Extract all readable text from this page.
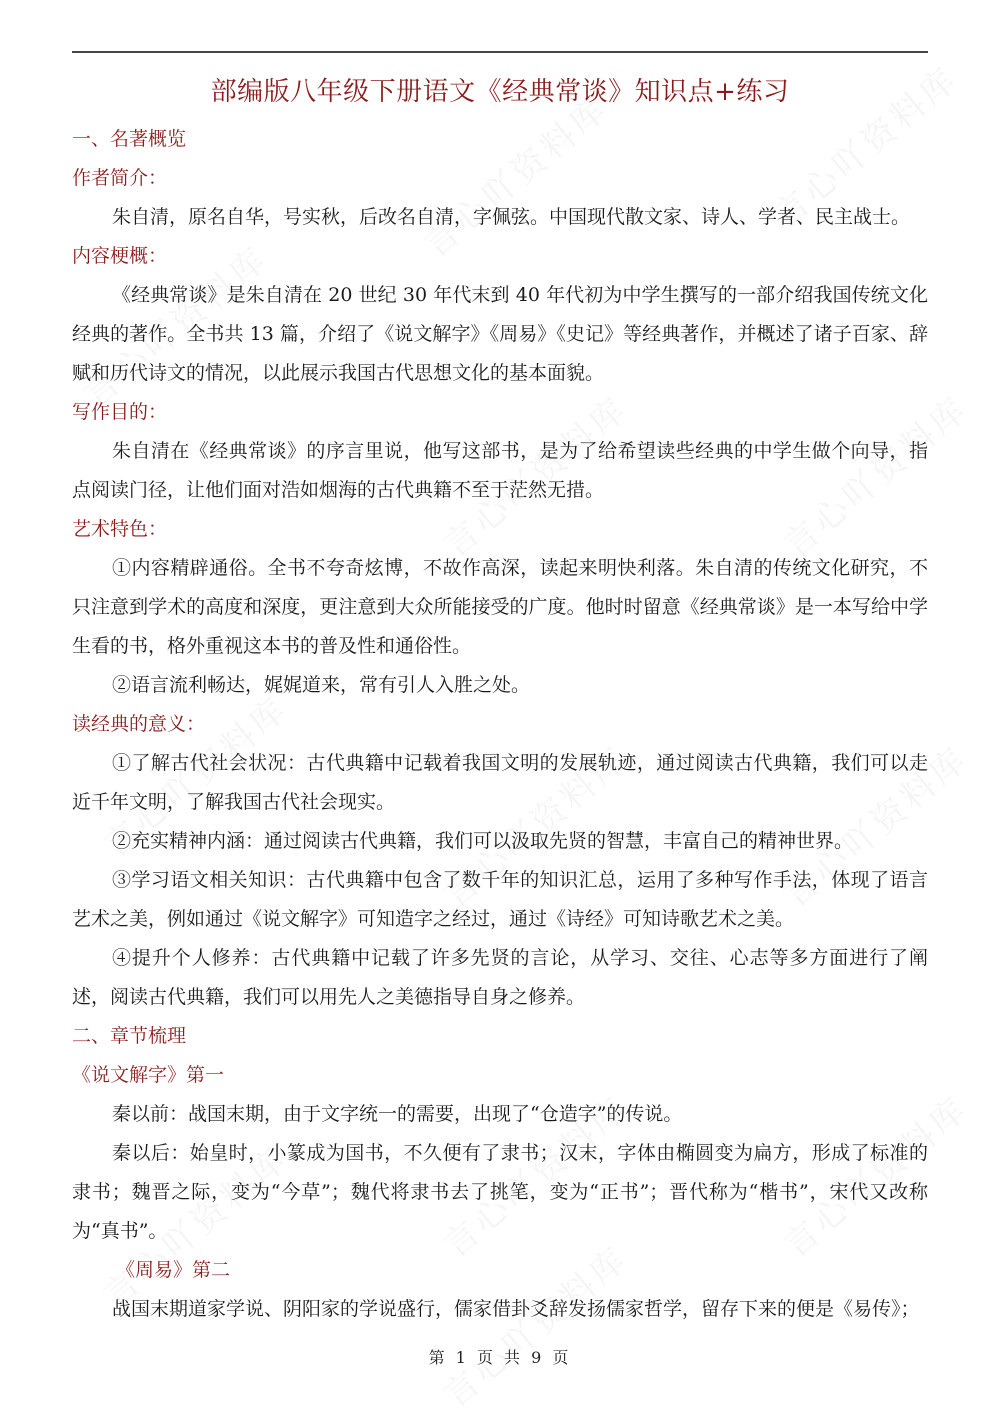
部编版八年级下册语文《经典常谈》知识点+练习
一、名著概览
作者简介：
朱自清，原名自华，号实秋，后改名自清，字佩弦。中国现代散文家、诗人、学者、民主战士。
内容梗概：
《经典常谈》是朱自清在 20 世纪 30 年代末到 40 年代初为中学生撰写的一部介绍我国传统文化经典的著作。全书共 13 篇，介绍了《说文解字》《周易》《史记》等经典著作，并概述了诸子百家、辞赋和历代诗文的情况，以此展示我国古代思想文化的基本面貌。
写作目的：
朱自清在《经典常谈》的序言里说，他写这部书，是为了给希望读些经典的中学生做个向导，指点阅读门径，让他们面对浩如烟海的古代典籍不至于茫然无措。
艺术特色：
①内容精辟通俗。全书不夸奇炫博，不故作高深，读起来明快利落。朱自清的传统文化研究，不只注意到学术的高度和深度，更注意到大众所能接受的广度。他时时留意《经典常谈》是一本写给中学生看的书，格外重视这本书的普及性和通俗性。
②语言流利畅达，娓娓道来，常有引人入胜之处。
读经典的意义：
①了解古代社会状况：古代典籍中记载着我国文明的发展轨迹，通过阅读古代典籍，我们可以走近千年文明，了解我国古代社会现实。
②充实精神内涵：通过阅读古代典籍，我们可以汲取先贤的智慧，丰富自己的精神世界。
③学习语文相关知识：古代典籍中包含了数千年的知识汇总，运用了多种写作手法，体现了语言艺术之美，例如通过《说文解字》可知造字之经过，通过《诗经》可知诗歌艺术之美。
④提升个人修养：古代典籍中记载了许多先贤的言论，从学习、交往、心志等多方面进行了阐述，阅读古代典籍，我们可以用先人之美德指导自身之修养。
二、章节梳理
《说文解字》第一
秦以前：战国末期，由于文字统一的需要，出现了“仓造字”的传说。
秦以后：始皇时，小篆成为国书，不久便有了隶书；汉末，字体由椭圆变为扁方，形成了标准的隶书；魏晋之际，变为“今草”；魏代将隶书去了挑笔，变为“正书”；晋代称为“楷书”，宋代又改称为“真书”。
《周易》第二
战国末期道家学说、阴阳家的学说盛行，儒家借卦爻辞发扬儒家哲学，留存下来的便是《易传》；
第 1 页 共 9 页
